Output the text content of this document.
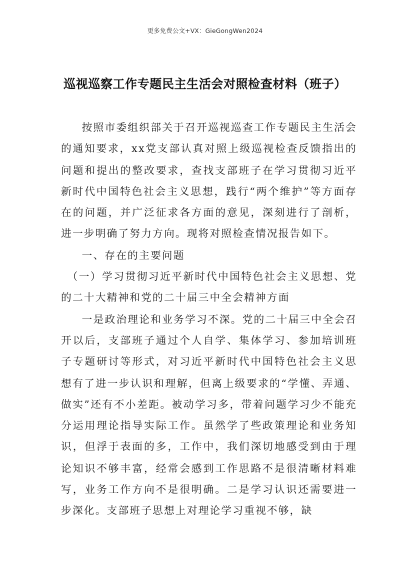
更多免费公文+VX：GieGongWen2024
巡视巡察工作专题民主生活会对照检查材料（班子）

按照市委组织部关于召开巡视巡查工作专题民主生活会的通知要求，xx党支部认真对照上级巡视检查反馈指出的问题和提出的整改要求，查找支部班子在学习贯彻习近平新时代中国特色社会主义思想，践行“两个维护”等方面存在的问题，并广泛征求各方面的意见，深刻进行了剖析，进一步明确了努力方向。现将对照检查情况报告如下。

一、存在的主要问题

（一）学习贯彻习近平新时代中国特色社会主义思想、党的二十大精神和党的二十届三中全会精神方面

一是政治理论和业务学习不深。党的二十届三中全会召开以后，支部班子通过个人自学、集体学习、参加培训班子专题研讨等形式，对习近平新时代中国特色社会主义思想有了进一步认识和理解，但离上级要求的“学懂、弄通、做实”还有不小差距。被动学习多，带着问题学习少不能充分运用理论指导实际工作。虽然学了些政策理论和业务知识，但浮于表面的多，工作中，我们深切地感受到由于理论知识不够丰富，经常会感到工作思路不是很清晰材料难写，业务工作方向不是很明确。二是学习认识还需要进一步深化。支部班子思想上对理论学习重视不够，缺
